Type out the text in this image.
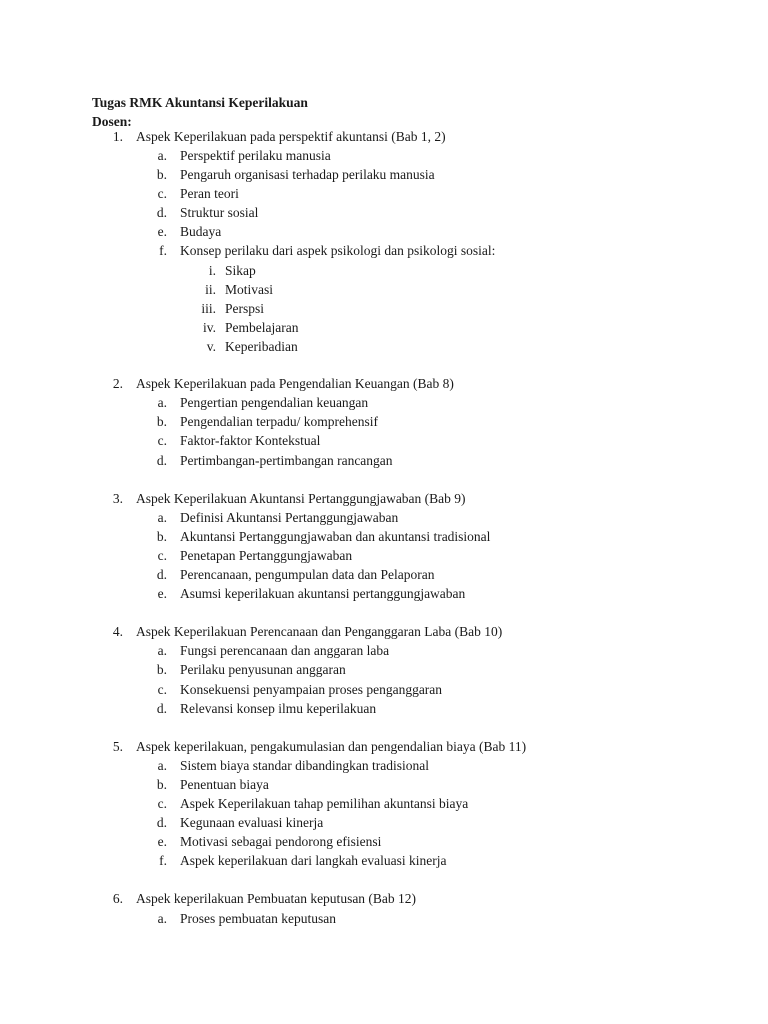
Tugas RMK Akuntansi Keperilakuan
Dosen:
1. Aspek Keperilakuan pada perspektif akuntansi (Bab 1, 2)
a. Perspektif perilaku manusia
b. Pengaruh organisasi terhadap perilaku manusia
c. Peran teori
d. Struktur sosial
e. Budaya
f. Konsep perilaku dari aspek psikologi dan psikologi sosial:
i. Sikap
ii. Motivasi
iii. Perspsi
iv. Pembelajaran
v. Keperibadian
2. Aspek Keperilakuan pada Pengendalian Keuangan (Bab 8)
a. Pengertian pengendalian keuangan
b. Pengendalian terpadu/ komprehensif
c. Faktor-faktor Kontekstual
d. Pertimbangan-pertimbangan rancangan
3. Aspek Keperilakuan Akuntansi Pertanggungjawaban (Bab 9)
a. Definisi Akuntansi Pertanggungjawaban
b. Akuntansi Pertanggungjawaban dan akuntansi tradisional
c. Penetapan Pertanggungjawaban
d. Perencanaan, pengumpulan data dan Pelaporan
e. Asumsi keperilakuan akuntansi pertanggungjawaban
4. Aspek Keperilakuan Perencanaan dan Penganggaran Laba (Bab 10)
a. Fungsi perencanaan dan anggaran laba
b. Perilaku penyusunan anggaran
c. Konsekuensi penyampaian proses penganggaran
d. Relevansi konsep ilmu keperilakuan
5. Aspek keperilakuan, pengakumulasian dan pengendalian biaya (Bab 11)
a. Sistem biaya standar dibandingkan tradisional
b. Penentuan biaya
c. Aspek Keperilakuan tahap pemilihan akuntansi biaya
d. Kegunaan evaluasi kinerja
e. Motivasi sebagai pendorong efisiensi
f. Aspek keperilakuan dari langkah evaluasi kinerja
6. Aspek keperilakuan Pembuatan keputusan (Bab 12)
a. Proses pembuatan keputusan
